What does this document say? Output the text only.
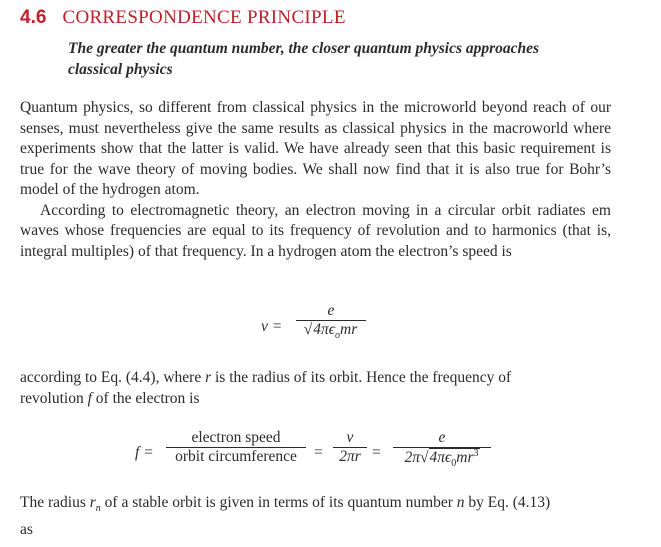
4.6 CORRESPONDENCE PRINCIPLE
The greater the quantum number, the closer quantum physics approaches
classical physics

Quantum physics, so different from classical physics in the microworld beyond reach of our senses, must nevertheless give the same results as classical physics in the macroworld where experiments show that the latter is valid. We have already seen that this basic requirement is true for the wave theory of moving bodies. We shall now find that it is also true for Bohr’s model of the hydrogen atom.

According to electromagnetic theory, an electron moving in a circular orbit radiates em waves whose frequencies are equal to its frequency of revolution and to harmonics (that is, integral multiples) of that frequency. In a hydrogen atom the electron’s speed is

v =
e
$√4\pi\epsilon_omr$

according to Eq. (4.4), where r is the radius of its orbit. Hence the frequency of
revolution f of the electron is

f =
electron speed
orbit circumference	=
v
2πr =
e
$2\pi√4\pi\epsilon_0mr^3$

The radius $r_n$ of a stable orbit is given in terms of its quantum number n by Eq. (4.13)
as
